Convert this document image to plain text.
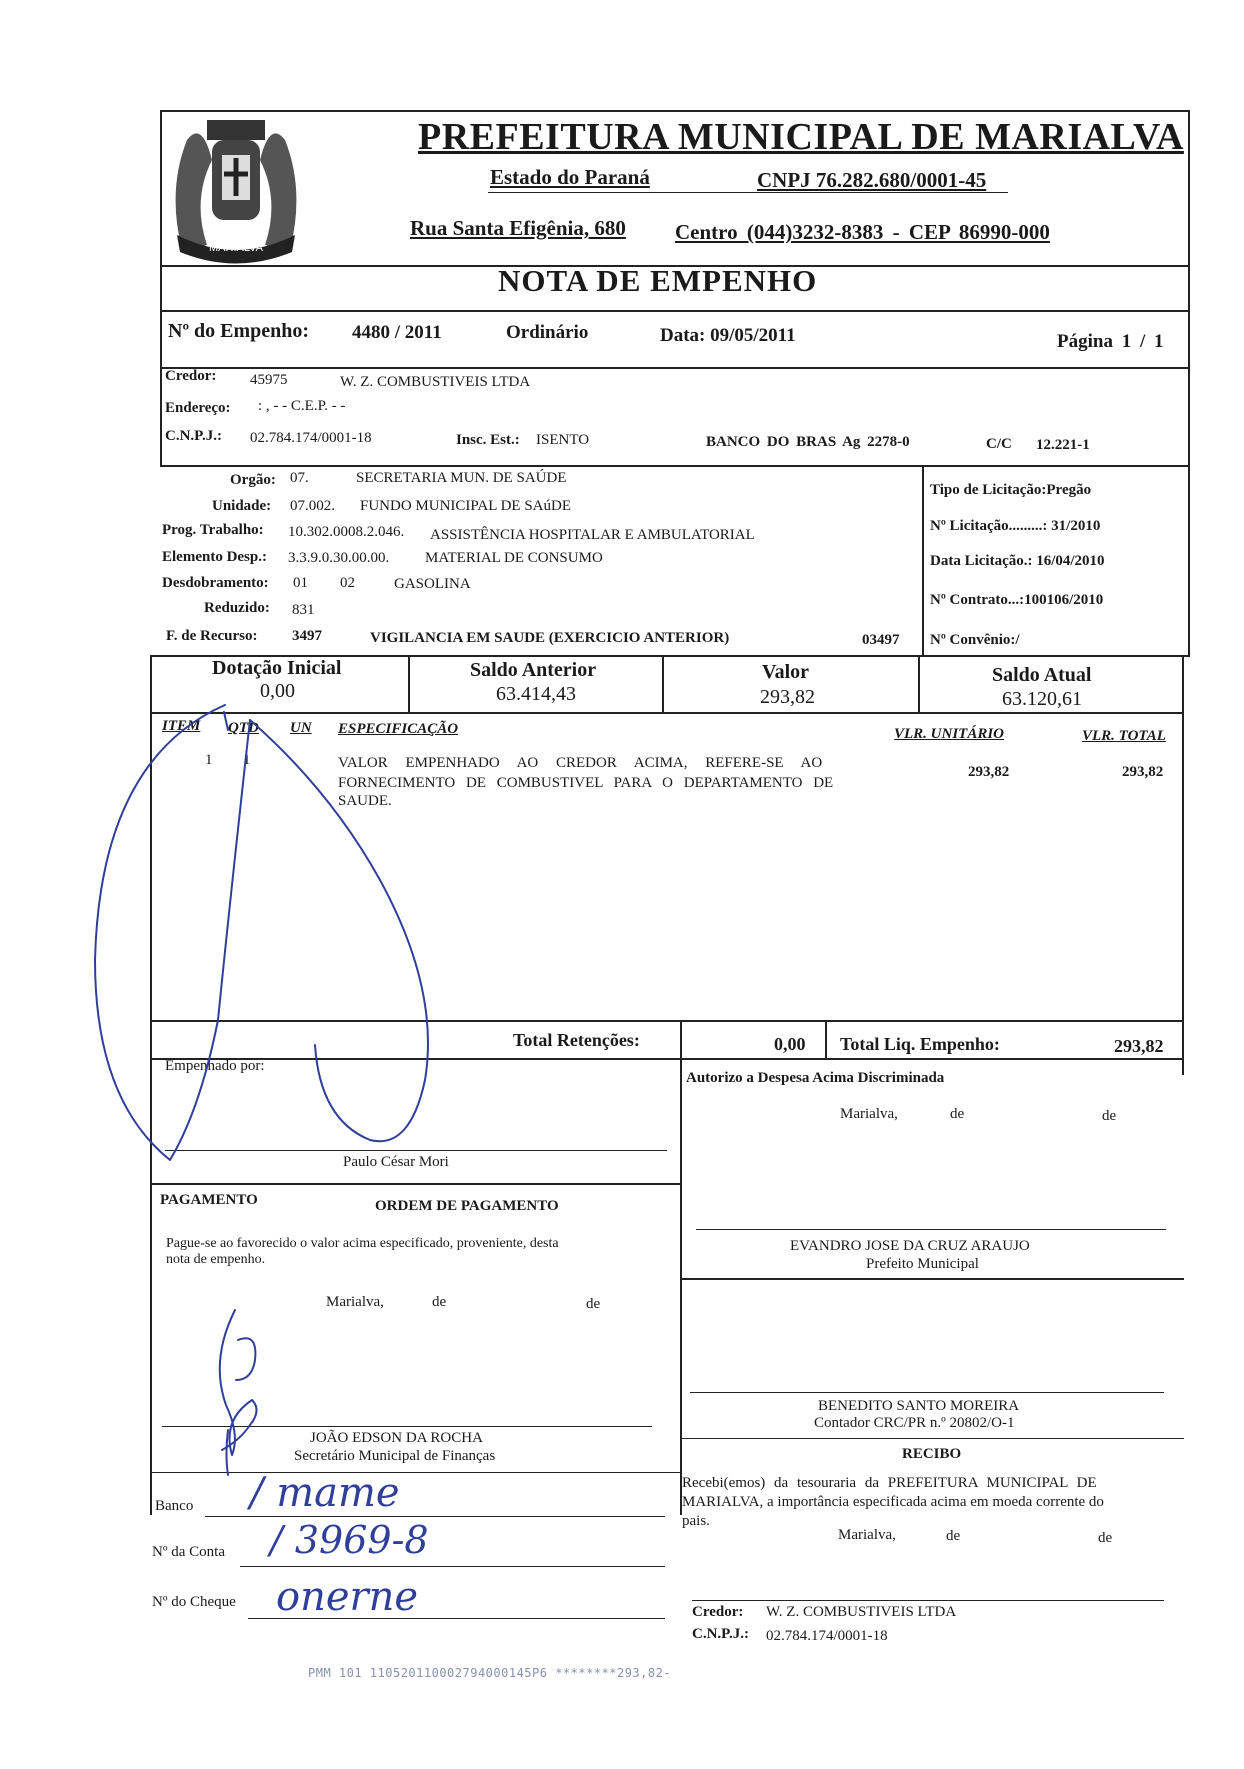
MARIALVA
PREFEITURA MUNICIPAL DE MARIALVA
Estado do Paraná	CNPJ 76.282.680/0001-45
Rua Santa Efigênia, 680 Centro (044)3232-8383 - CEP 86990-000
NOTA DE EMPENHO
Nº do Empenho: 4480 / 2011	Ordinário	Data: 09/05/2011	Página 1 / 1
Credor: 45975	W. Z. COMBUSTIVEIS LTDA
Endereço: : , - - C.E.P. - -
C.N.P.J.: 02.784.174/0001-18	Insc. Est.: ISENTO	BANCO DO BRAS Ag 2278-0	C/C 12.221-1
Orgão: 07.	SECRETARIA MUN. DE SAÚDE
Unidade: 07.002. FUNDO MUNICIPAL DE SAúDE
Prog. Trabalho: 10.302.0008.2.046. ASSISTÊNCIA HOSPITALAR E AMBULATORIAL
Elemento Desp.: 3.3.9.0.30.00.00. MATERIAL DE CONSUMO
Desdobramento: 01 02	GASOLINA
Reduzido: 831
F. de Recurso: 3497	VIGILANCIA EM SAUDE (EXERCICIO ANTERIOR)	03497
Tipo de Licitação:Pregão
Nº Licitação.........: 31/2010
Data Licitação.: 16/04/2010
Nº Contrato...:100106/2010
Nº Convênio:/
Dotação Inicial
0,00
Saldo Anterior
63.414,43
Valor
293,82
Saldo Atual
63.120,61
ITEM QTD UN ESPECIFICAÇÃO	VLR. UNITÁRIO	VLR. TOTAL
1 1	VALOR EMPENHADO AO CREDOR ACIMA, REFERE-SE AO
FORNECIMENTO DE COMBUSTIVEL PARA O DEPARTAMENTO DE
SAUDE.
293,82	293,82
Total Retenções:	0,00 Total Liq. Empenho:	293,82
Empenhado por:
Paulo César Mori
Autorizo a Despesa Acima Discriminada
Marialva,	de	de
EVANDRO JOSE DA CRUZ ARAUJO
Prefeito Municipal
PAGAMENTO	ORDEM DE PAGAMENTO
Pague-se ao favorecido o valor acima especificado, proveniente, desta
nota de empenho.
Marialva,	de	de
JOÃO EDSON DA ROCHA
Secretário Municipal de Finanças
BENEDITO SANTO MOREIRA
Contador CRC/PR n.º 20802/O-1
RECIBO
Recebi(emos) da tesouraria da PREFEITURA MUNICIPAL DE
MARIALVA, a importância especificada acima em moeda corrente do
pais.
Marialva,	de	de
Credor: W. Z. COMBUSTIVEIS LTDA
C.N.P.J.: 02.784.174/0001-18
Banco / mame
Nº da Conta / 3969-8
Nº do Cheque onerne
PMM 101 110520110002794000145P6 ********293,82-
